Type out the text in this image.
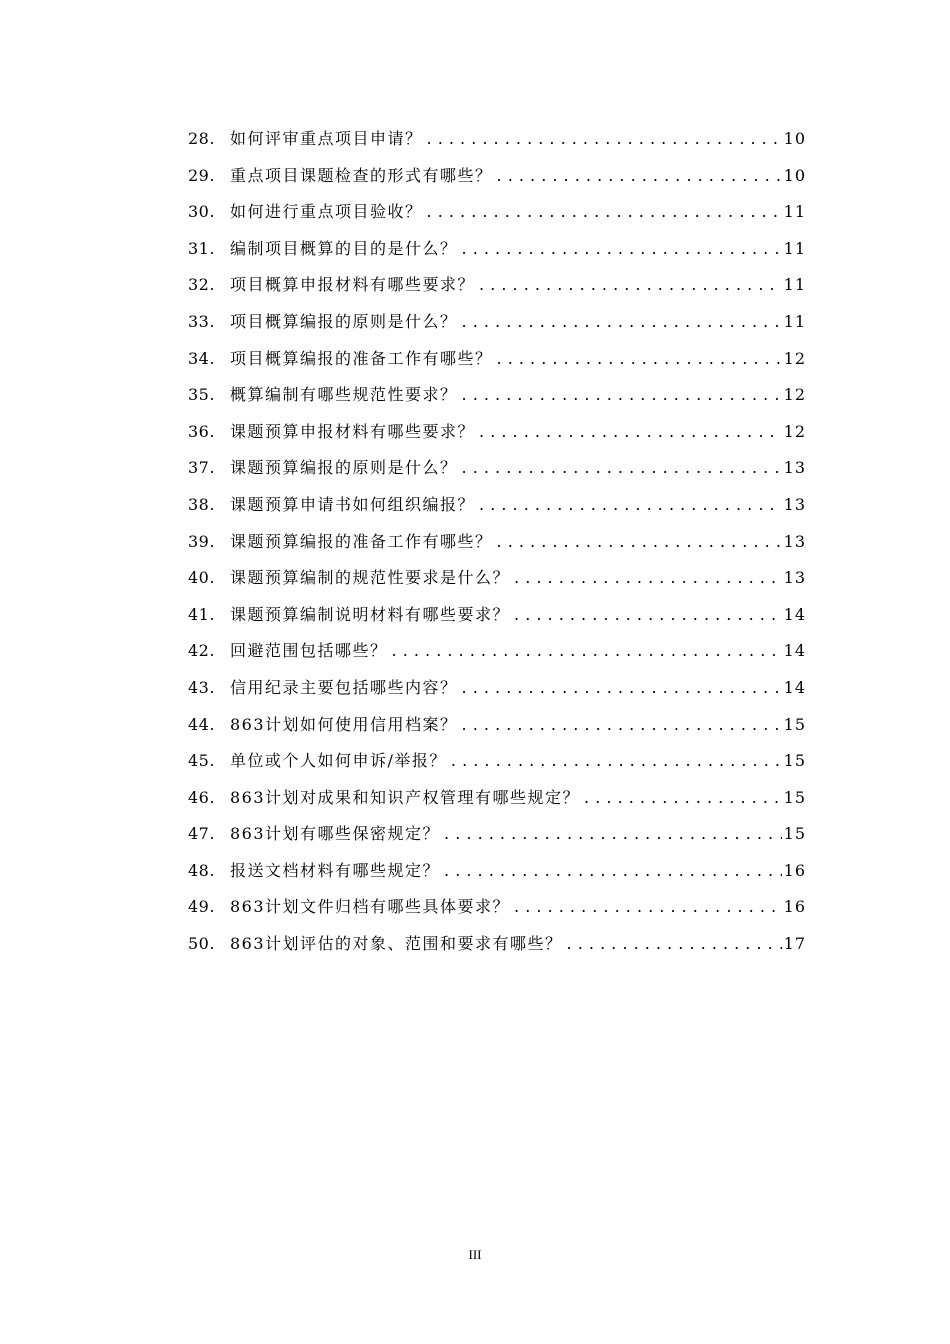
28. 如何评审重点项目申请？ . . .	10
29. 重点项目课题检查的形式有哪些？ . . .	10
30. 如何进行重点项目验收？ . . .	11
31. 编制项目概算的目的是什么？ . . .	11
32. 项目概算申报材料有哪些要求？ . . .	11
33. 项目概算编报的原则是什么？ . . .	11
34. 项目概算编报的准备工作有哪些？ . . .	12
35. 概算编制有哪些规范性要求？ . . .	12
36. 课题预算申报材料有哪些要求？ . . .	12
37. 课题预算编报的原则是什么？ . . .	13
38. 课题预算申请书如何组织编报？ . . .	13
39. 课题预算编报的准备工作有哪些？ . . .	13
40. 课题预算编制的规范性要求是什么？ . . .	13
41. 课题预算编制说明材料有哪些要求？ . . .	14
42. 回避范围包括哪些？ . . .	14
43. 信用纪录主要包括哪些内容？ . . .	14
44. 863计划如何使用信用档案？ . . .	15
45. 单位或个人如何申诉/举报？ . . .	15
46. 863计划对成果和知识产权管理有哪些规定？ . . .	15
47. 863计划有哪些保密规定？ . . .	15
48. 报送文档材料有哪些规定？ . . .	16
49. 863计划文件归档有哪些具体要求？ . . .	16
50. 863计划评估的对象、范围和要求有哪些？ . . .	17
III
